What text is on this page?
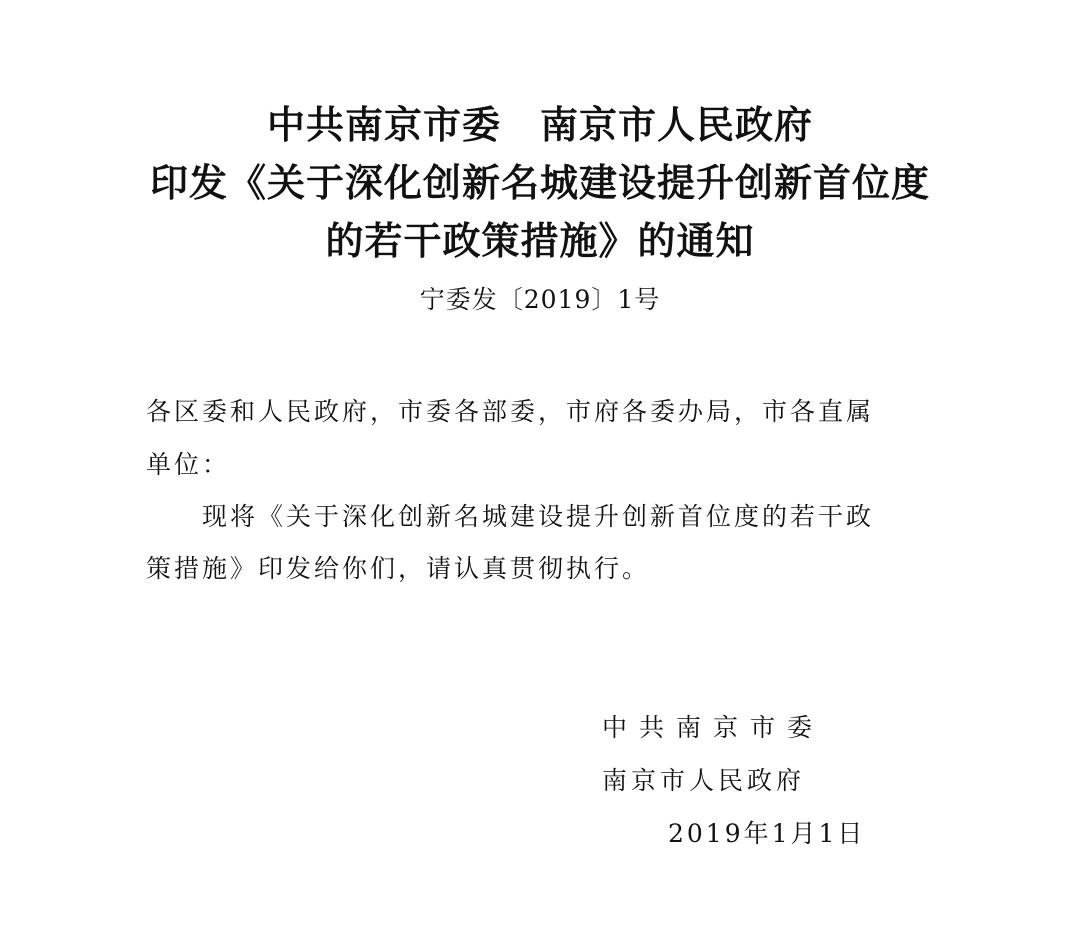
中共南京市委　南京市人民政府
印发《关于深化创新名城建设提升创新首位度
的若干政策措施》的通知
宁委发〔2019〕1号
各区委和人民政府，市委各部委，市府各委办局，市各直属
单位：
现将《关于深化创新名城建设提升创新首位度的若干政
策措施》印发给你们，请认真贯彻执行。
中共南京市委
南京市人民政府
2019年1月1日
